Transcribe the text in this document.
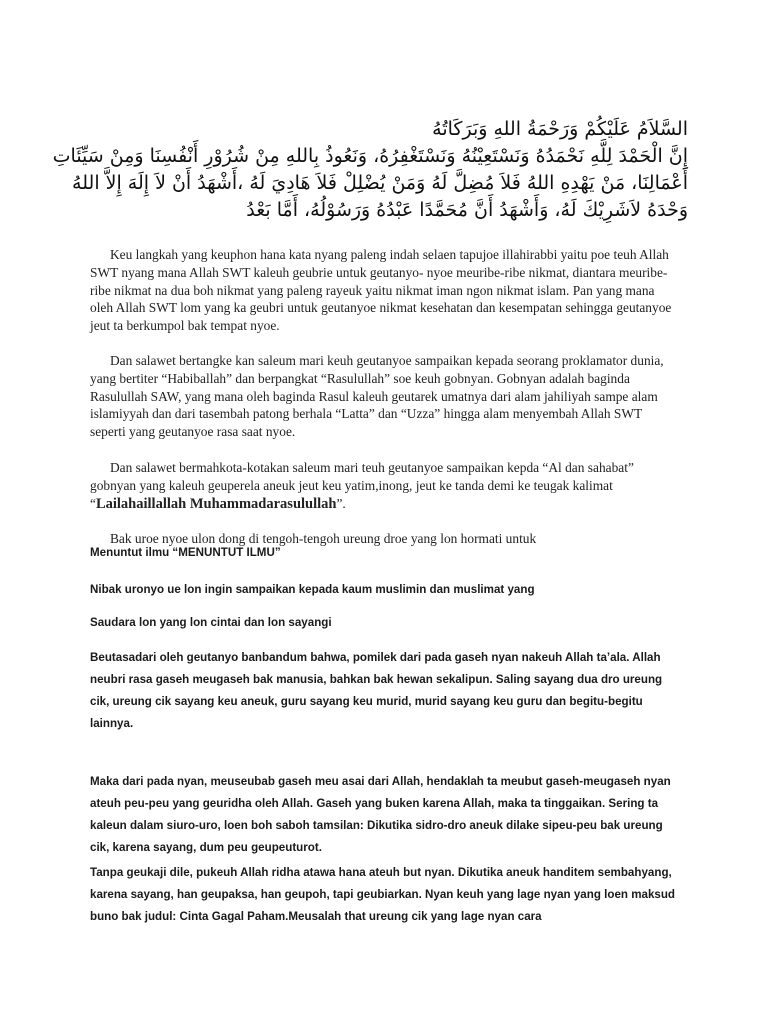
السَّلاَمُ عَلَيْكُمْ وَرَحْمَةُ اللهِ وَبَرَكَاتُهُ
إِنَّ الْحَمْدَ لِلَّهِ نَحْمَدُهُ وَنَسْتَعِيْنُهُ وَنَسْتَغْفِرُهُ، وَنَعُوذُ بِاللهِ مِنْ شُرُوْرِ أَنْفُسِنَا وَمِنْ سَيِّئَاتِ
أَعْمَالِنَا، مَنْ يَهْدِهِ اللهُ فَلاَ مُضِلَّ لَهُ وَمَنْ يُضْلِلْ فَلاَ هَادِيَ لَهُ ،أَشْهَدُ أَنْ لاَ إِلَهَ إِلاَّ اللهُ
وَحْدَهُ لاَشَرِيْكَ لَهُ، وَأَشْهَدُ أَنَّ مُحَمَّدًا عَبْدُهُ وَرَسُوْلُهُ، أَمَّا بَعْدُ

Keu langkah yang keuphon hana kata nyang paleng indah selaen tapujoe illahirabbi yaitu poe teuh Allah SWT nyang mana Allah SWT kaleuh geubrie untuk geutanyo- nyoe meuribe-ribe nikmat, diantara meuribe-ribe nikmat na dua boh nikmat yang paleng rayeuk yaitu nikmat iman ngon nikmat islam. Pan yang mana oleh Allah SWT lom yang ka geubri untuk geutanyoe nikmat kesehatan dan kesempatan sehingga geutanyoe jeut ta berkumpol bak tempat nyoe.

Dan salawet bertangke kan saleum mari keuh geutanyoe sampaikan kepada seorang proklamator dunia, yang bertiter “Habiballah” dan berpangkat “Rasulullah” soe keuh gobnyan. Gobnyan adalah baginda Rasulullah SAW, yang mana oleh baginda Rasul kaleuh geutarek umatnya dari alam jahiliyah sampe alam islamiyyah dan dari tasembah patong berhala “Latta” dan “Uzza” hingga alam menyembah Allah SWT seperti yang geutanyoe rasa saat nyoe.

Dan salawet bermahkota-kotakan saleum mari teuh geutanyoe sampaikan kepda “Al dan sahabat” gobnyan yang kaleuh geuperela aneuk jeut keu yatim,inong, jeut ke tanda demi ke teugak kalimat “Lailahaillallah Muhammadarasulullah”.

Bak uroe nyoe ulon dong di tengoh-tengoh ureung droe yang lon hormati untuk

Menuntut ilmu “MENUNTUT ILMU”

Nibak uronyo ue lon ingin sampaikan kepada kaum muslimin dan muslimat yang

Saudara lon yang lon cintai dan lon sayangi

Beutasadari oleh geutanyo banbandum bahwa, pomilek dari pada gaseh nyan nakeuh Allah ta’ala. Allah neubri rasa gaseh meugaseh bak manusia, bahkan bak hewan sekalipun. Saling sayang dua dro ureung cik, ureung cik sayang keu aneuk, guru sayang keu murid, murid sayang keu guru dan begitu-begitu lainnya.

Maka dari pada nyan, meuseubab gaseh meu asai dari Allah, hendaklah ta meubut gaseh-meugaseh nyan ateuh peu-peu yang geuridha oleh Allah. Gaseh yang buken karena Allah, maka ta tinggaikan. Sering ta kaleun dalam siuro-uro, loen boh saboh tamsilan: Dikutika sidro-dro aneuk dilake sipeu-peu bak ureung cik, karena sayang, dum peu geupeuturot.

Tanpa geukaji dile, pukeuh Allah ridha atawa hana ateuh but nyan. Dikutika aneuk handitem sembahyang, karena sayang, han geupaksa, han geupoh, tapi geubiarkan. Nyan keuh yang lage nyan yang loen maksud buno bak judul: Cinta Gagal Paham.Meusalah that ureung cik yang lage nyan cara
